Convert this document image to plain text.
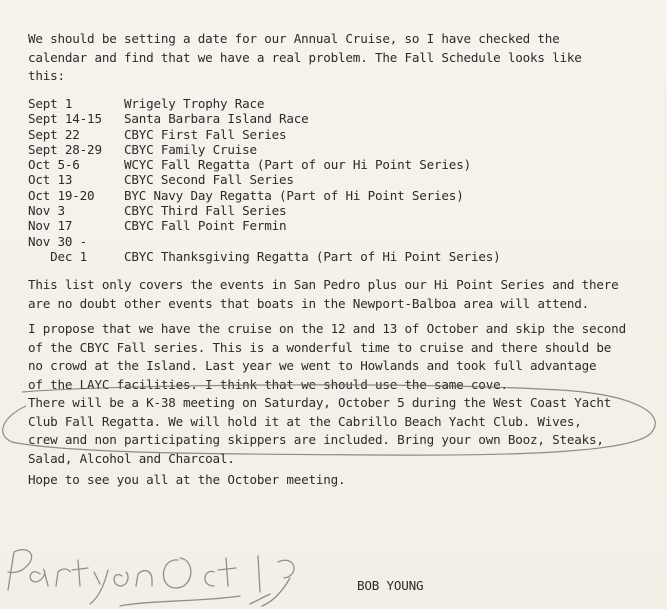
We should be setting a date for our Annual Cruise, so I have checked the
calendar and find that we have a real problem. The Fall Schedule looks like
this:
Sept 1	Wrigely Trophy Race
Sept 14-15	Santa Barbara Island Race
Sept 22	CBYC First Fall Series
Sept 28-29	CBYC Family Cruise
Oct 5-6	WCYC Fall Regatta (Part of our Hi Point Series)
Oct 13	CBYC Second Fall Series
Oct 19-20	BYC Navy Day Regatta (Part of Hi Point Series)
Nov 3	CBYC Third Fall Series
Nov 17	CBYC Fall Point Fermin
Nov 30 -
Dec 1	CBYC Thanksgiving Regatta (Part of Hi Point Series)
This list only covers the events in San Pedro plus our Hi Point Series and there
are no doubt other events that boats in the Newport-Balboa area will attend.
I propose that we have the cruise on the 12 and 13 of October and skip the second
of the CBYC Fall series. This is a wonderful time to cruise and there should be
no crowd at the Island. Last year we went to Howlands and took full advantage
of the LAYC facilities. I think that we should use the same cove.
There will be a K-38 meeting on Saturday, October 5 during the West Coast Yacht
Club Fall Regatta. We will hold it at the Cabrillo Beach Yacht Club. Wives,
crew and non participating skippers are included. Bring your own Booz, Steaks,
Salad, Alcohol and Charcoal.
Hope to see you all at the October meeting.
BOB YOUNG
